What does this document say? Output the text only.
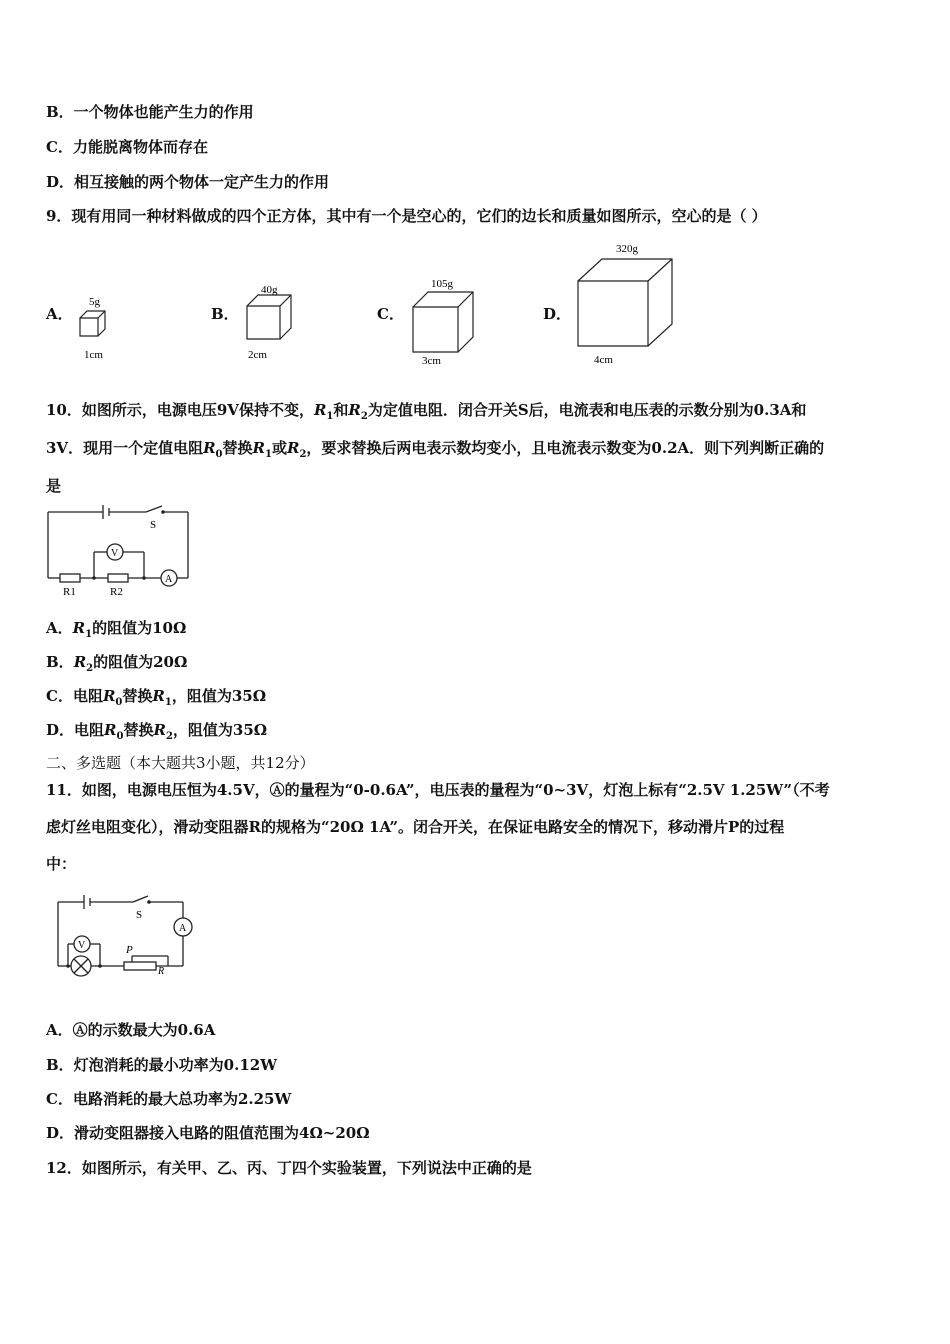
B．一个物体也能产生力的作用
C．力能脱离物体而存在
D．相互接触的两个物体一定产生力的作用
9．现有用同一种材料做成的四个正方体，其中有一个是空心的，它们的边长和质量如图所示，空心的是（ ）
A．	B．	C．	D．
5g
1cm
40g
2cm
105g
3cm
320g
4cm
10．如图所示，电源电压9V保持不变，$R_1$和$R_2$为定值电阻．闭合开关S后，电流表和电压表的示数分别为0.3A和
3V．现用一个定值电阻$R_0$替换$R_1$或$R_2$，要求替换后两电表示数均变小，且电流表示数变为0.2A．则下列判断正确的
是
S
V
A
R1	R2
A．$R_1$的阻值为10Ω
B．$R_2$的阻值为20Ω
C．电阻$R_0$替换$R_1$，阻值为35Ω
D．电阻$R_0$替换$R_2$，阻值为35Ω
二、多选题（本大题共3小题，共12分）
11．如图，电源电压恒为4.5V，Ⓐ的量程为“0-0.6A”，电压表的量程为“0~3V，灯泡上标有“2.5V 1.25W”（不考
虑灯丝电阻变化），滑动变阻器R的规格为“20Ω 1A”。闭合开关，在保证电路安全的情况下，移动滑片P的过程
中：
S
A
V	P
R
A．Ⓐ的示数最大为0.6A
B．灯泡消耗的最小功率为0.12W
C．电路消耗的最大总功率为2.25W
D．滑动变阻器接入电路的阻值范围为4Ω~20Ω
12．如图所示，有关甲、乙、丙、丁四个实验装置，下列说法中正确的是
